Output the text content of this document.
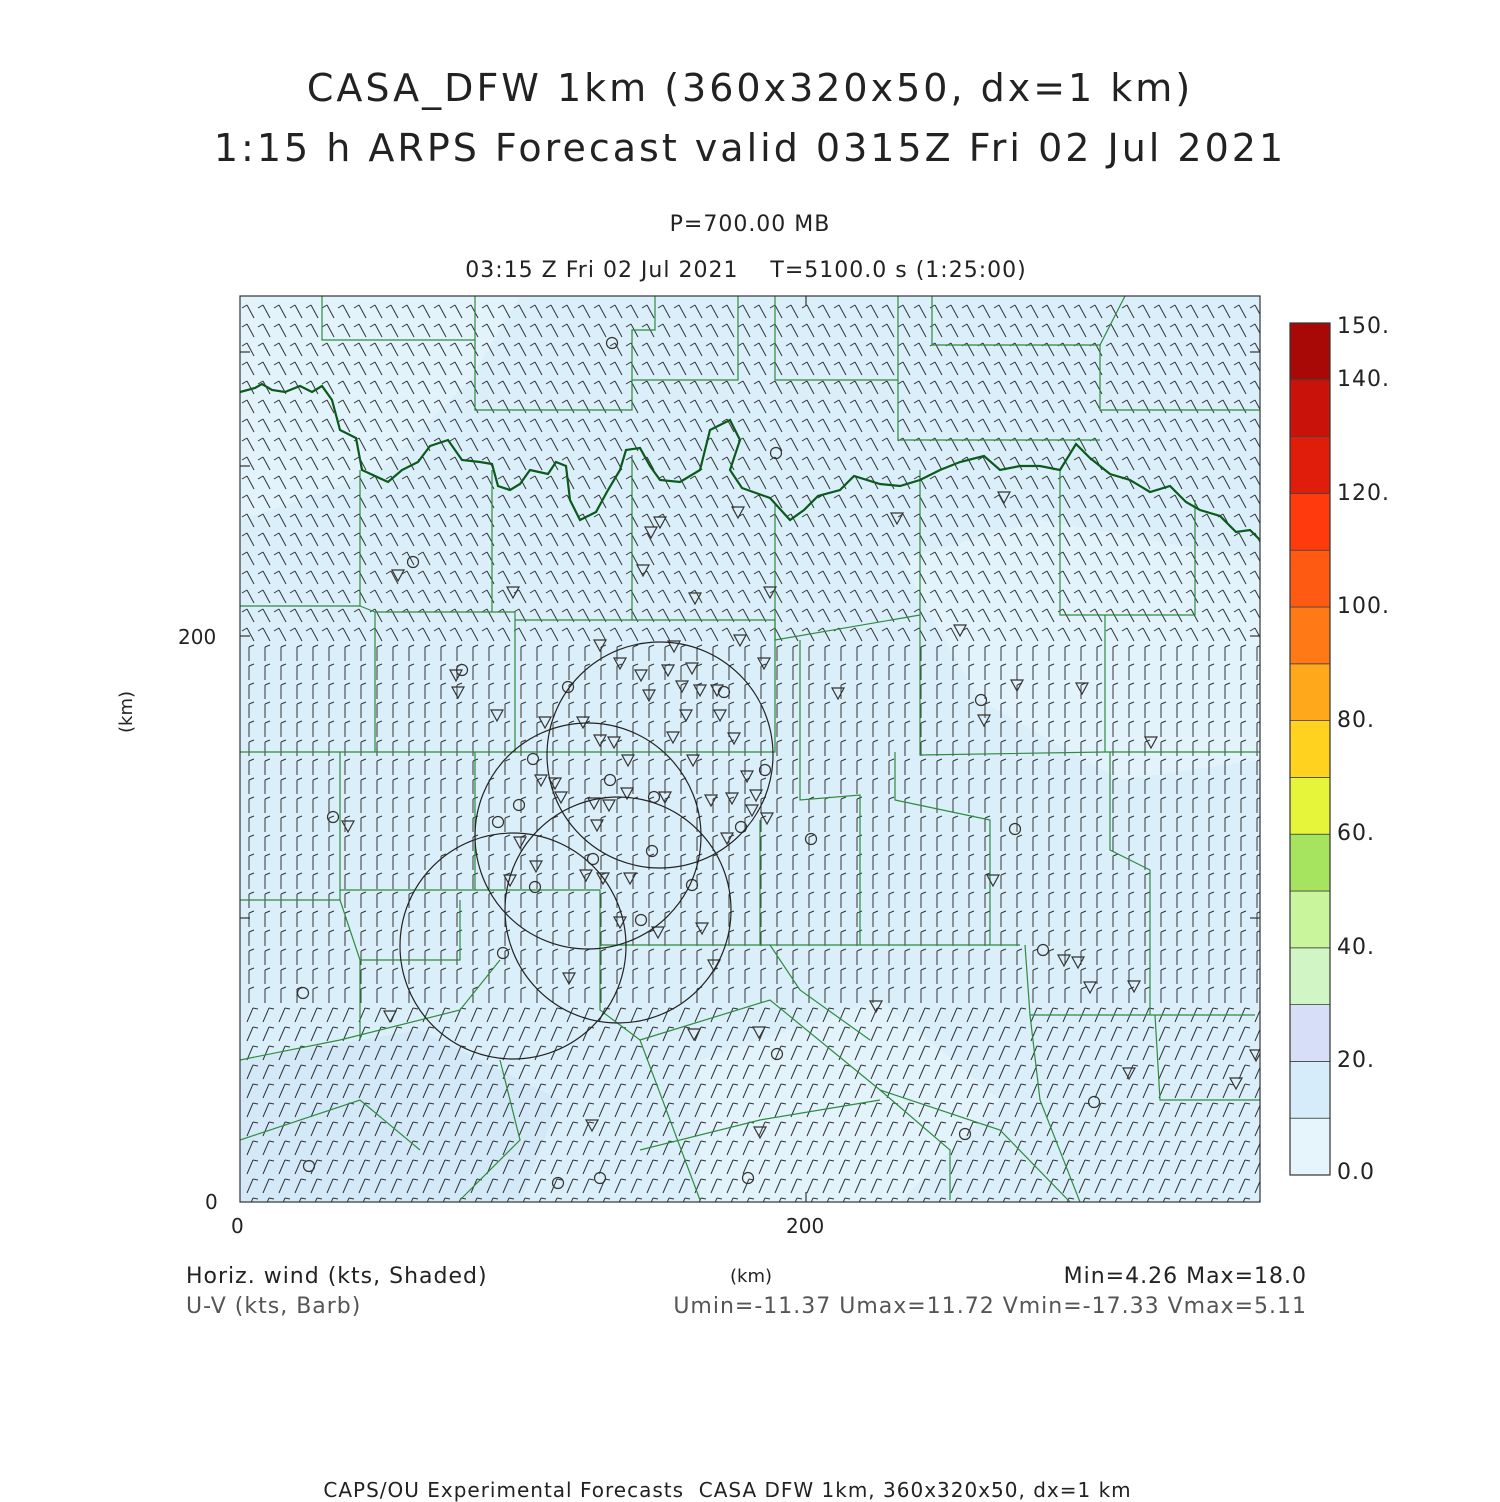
CASA_DFW 1km (360x320x50, dx=1 km)
1:15 h ARPS Forecast valid 0315Z Fri 02 Jul 2021
P=700.00 MB
03:15 Z Fri 02 Jul 2021    T=5100.0 s (1:25:00)
0
200
0	200
(km)
(km)
150.
140.
120.
100.
80.
60.
40.
20.
0.0
Horiz. wind (kts, Shaded)
U-V (kts, Barb)
Min=4.26 Max=18.0
Umin=-11.37 Umax=11.72 Vmin=-17.33 Vmax=5.11
CAPS/OU Experimental Forecasts  CASA DFW 1km, 360x320x50, dx=1 km
